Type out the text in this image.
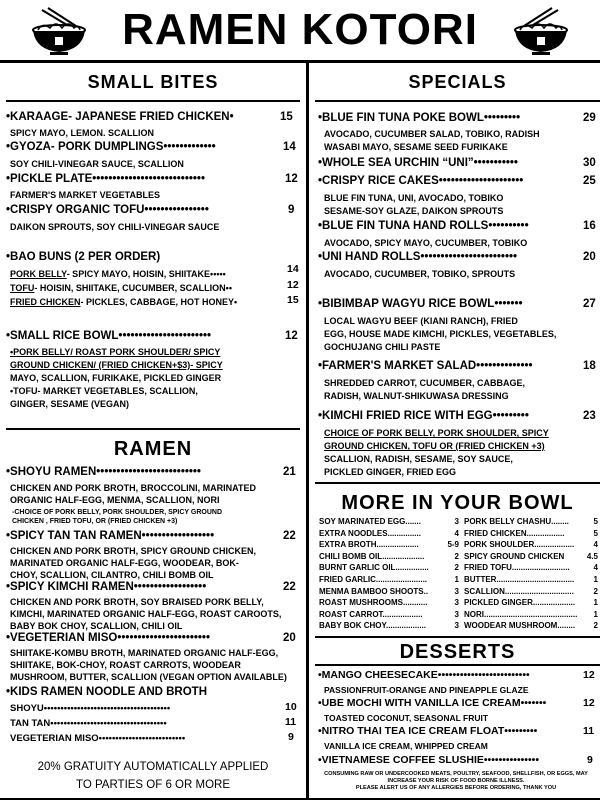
RAMEN KOTORI
SMALL BITES
•KARAAGE- JAPANESE FRIED CHICKEN•	15
SPICY MAYO, LEMON. SCALLION
•GYOZA- PORK DUMPLINGS•••••••••••••	14
SOY CHILI-VINEGAR SAUCE, SCALLION
•PICKLE PLATE••••••••••••••••••••••••••••	12
FARMER'S MARKET VEGETABLES
•CRISPY ORGANIC TOFU••••••••••••••••	9
DAIKON SPROUTS, SOY CHILI-VINEGAR SAUCE
•BAO BUNS (2 PER ORDER)
PORK BELLY- SPICY MAYO, HOISIN, SHIITAKE•••••	14
TOFU- HOISIN, SHIITAKE, CUCUMBER, SCALLION••	12
FRIED CHICKEN- PICKLES, CABBAGE, HOT HONEY•	15
•SMALL RICE BOWL•••••••••••••••••••••••	12
•PORK BELLY/ ROAST PORK SHOULDER/ SPICY
GROUND CHICKEN/ (FRIED CHICKEN+$3)- SPICY
MAYO, SCALLION, FURIKAKE, PICKLED GINGER
•TOFU- MARKET VEGETABLES, SCALLION,
GINGER, SESAME (VEGAN)
RAMEN
•SHOYU RAMEN••••••••••••••••••••••••••	21
CHICKEN AND PORK BROTH, BROCCOLINI, MARINATED
ORGANIC HALF-EGG, MENMA, SCALLION, NORI
-CHOICE OF PORK BELLY, PORK SHOULDER, SPICY GROUND
CHICKEN , FRIED TOFU, OR (FRIED CHICKEN +3)
•SPICY TAN TAN RAMEN••••••••••••••••••	22
CHICKEN AND PORK BROTH, SPICY GROUND CHICKEN,
MARINATED ORGANIC HALF-EGG, WOODEAR, BOK-
CHOY, SCALLION, CILANTRO, CHILI BOMB OIL
•SPICY KIMCHI RAMEN••••••••••••••••••	22
CHICKEN AND PORK BROTH, SOY BRAISED PORK BELLY,
KIMCHI, MARINATED ORGANIC HALF-EGG, ROAST CAROOTS,
BABY BOK CHOY, SCALLION, CHILI OIL
•VEGETERIAN MISO•••••••••••••••••••••••	20
SHIITAKE-KOMBU BROTH, MARINATED ORGANIC HALF-EGG,
SHIITAKE, BOK-CHOY, ROAST CARROTS, WOODEAR
MUSHROOM, BUTTER, SCALLION (VEGAN OPTION AVAILABLE)
•KIDS RAMEN NOODLE AND BROTH
SHOYU••••••••••••••••••••••••••••••••••••••	10
TAN TAN•••••••••••••••••••••••••••••••••••	11
VEGETERIAN MISO••••••••••••••••••••••••••	9
20% GRATUITY AUTOMATICALLY APPLIED
TO PARTIES OF 6 OR MORE
SPECIALS
•BLUE FIN TUNA POKÉ BOWL•••••••••	29
AVOCADO, CUCUMBER SALAD, TOBIKO, RADISH
WASABI MAYO, SESAME SEED FURIKAKE
•WHOLE SEA URCHIN “UNI”•••••••••••	30
•CRISPY RICE CAKES•••••••••••••••••••••	25
BLUE FIN TUNA, UNI, AVOCADO, TOBIKO
SESAME-SOY GLAZE, DAIKON SPROUTS
•BLUE FIN TUNA HAND ROLLS••••••••••	16
AVOCADO, SPICY MAYO, CUCUMBER, TOBIKO
•UNI HAND ROLLS••••••••••••••••••••••••	20
AVOCADO, CUCUMBER, TOBIKO, SPROUTS
•BIBIMBAP WAGYU RICE BOWL•••••••	27
LOCAL WAGYU BEEF (KIANI RANCH), FRIED
EGG, HOUSE MADE KIMCHI, PICKLES, VEGETABLES,
GOCHUJANG CHILI PASTE
•FARMER'S MARKET SALAD••••••••••••••	18
SHREDDED CARROT, CUCUMBER, CABBAGE,
RADISH, WALNUT-SHIKUWASA DRESSING
•KIMCHI FRIED RICE WITH EGG•••••••••	23
CHOICE OF PORK BELLY, PORK SHOULDER, SPICY
GROUND CHICKEN, TOFU OR (FRIED CHICKEN +3)
SCALLION, RADISH, SESAME, SOY SAUCE,
PICKLED GINGER, FRIED EGG
MORE IN YOUR BOWL
SOY MARINATED EGG.......	3
EXTRA NOODLES...............	4
EXTRA BROTH...................	5-9
CHILI BOMB OIL...................	2
BURNT GARLIC OIL...............	2
FRIED GARLIC.......................	1
MENMA BAMBOO SHOOTS..	3
ROAST MUSHROOMS...........	3
ROAST CARROT..................	3
BABY BOK CHOY..................	3
PORK BELLY CHASHU........	5
FRIED CHICKEN.................	5
PORK SHOULDER.................. 4
SPICY GROUND CHICKEN	4.5
FRIED TOFU..........................	4
BUTTER................................... 1
SCALLION............................... 2
PICKLED GINGER................... 1
NORI.......................................... 1
WOODEAR MUSHROOM........ 2
DESSERTS
•MANGO CHEESECAKE•••••••••••••••••••••••••	12
PASSIONFRUIT-ORANGE AND PINEAPPLE GLAZE
•UBE MOCHI WITH VANILLA ICE CREAM•••••••	12
TOASTED COCONUT, SEASONAL FRUIT
•NITRO THAI TEA ICE CREAM FLOAT•••••••••	11
VANILLA ICE CREAM, WHIPPED CREAM
•VIETNAMESE COFFEE SLUSHIE•••••••••••••••	9
CONSUMING RAW OR UNDERCOOKED MEATS, POULTRY, SEAFOOD, SHELLFISH, OR EGGS, MAY
INCREASE YOUR RISK OF FOOD BORNE ILLNESS.
PLEASE ALERT US OF ANY ALLERGIES BEFORE ORDERING, THANK YOU
